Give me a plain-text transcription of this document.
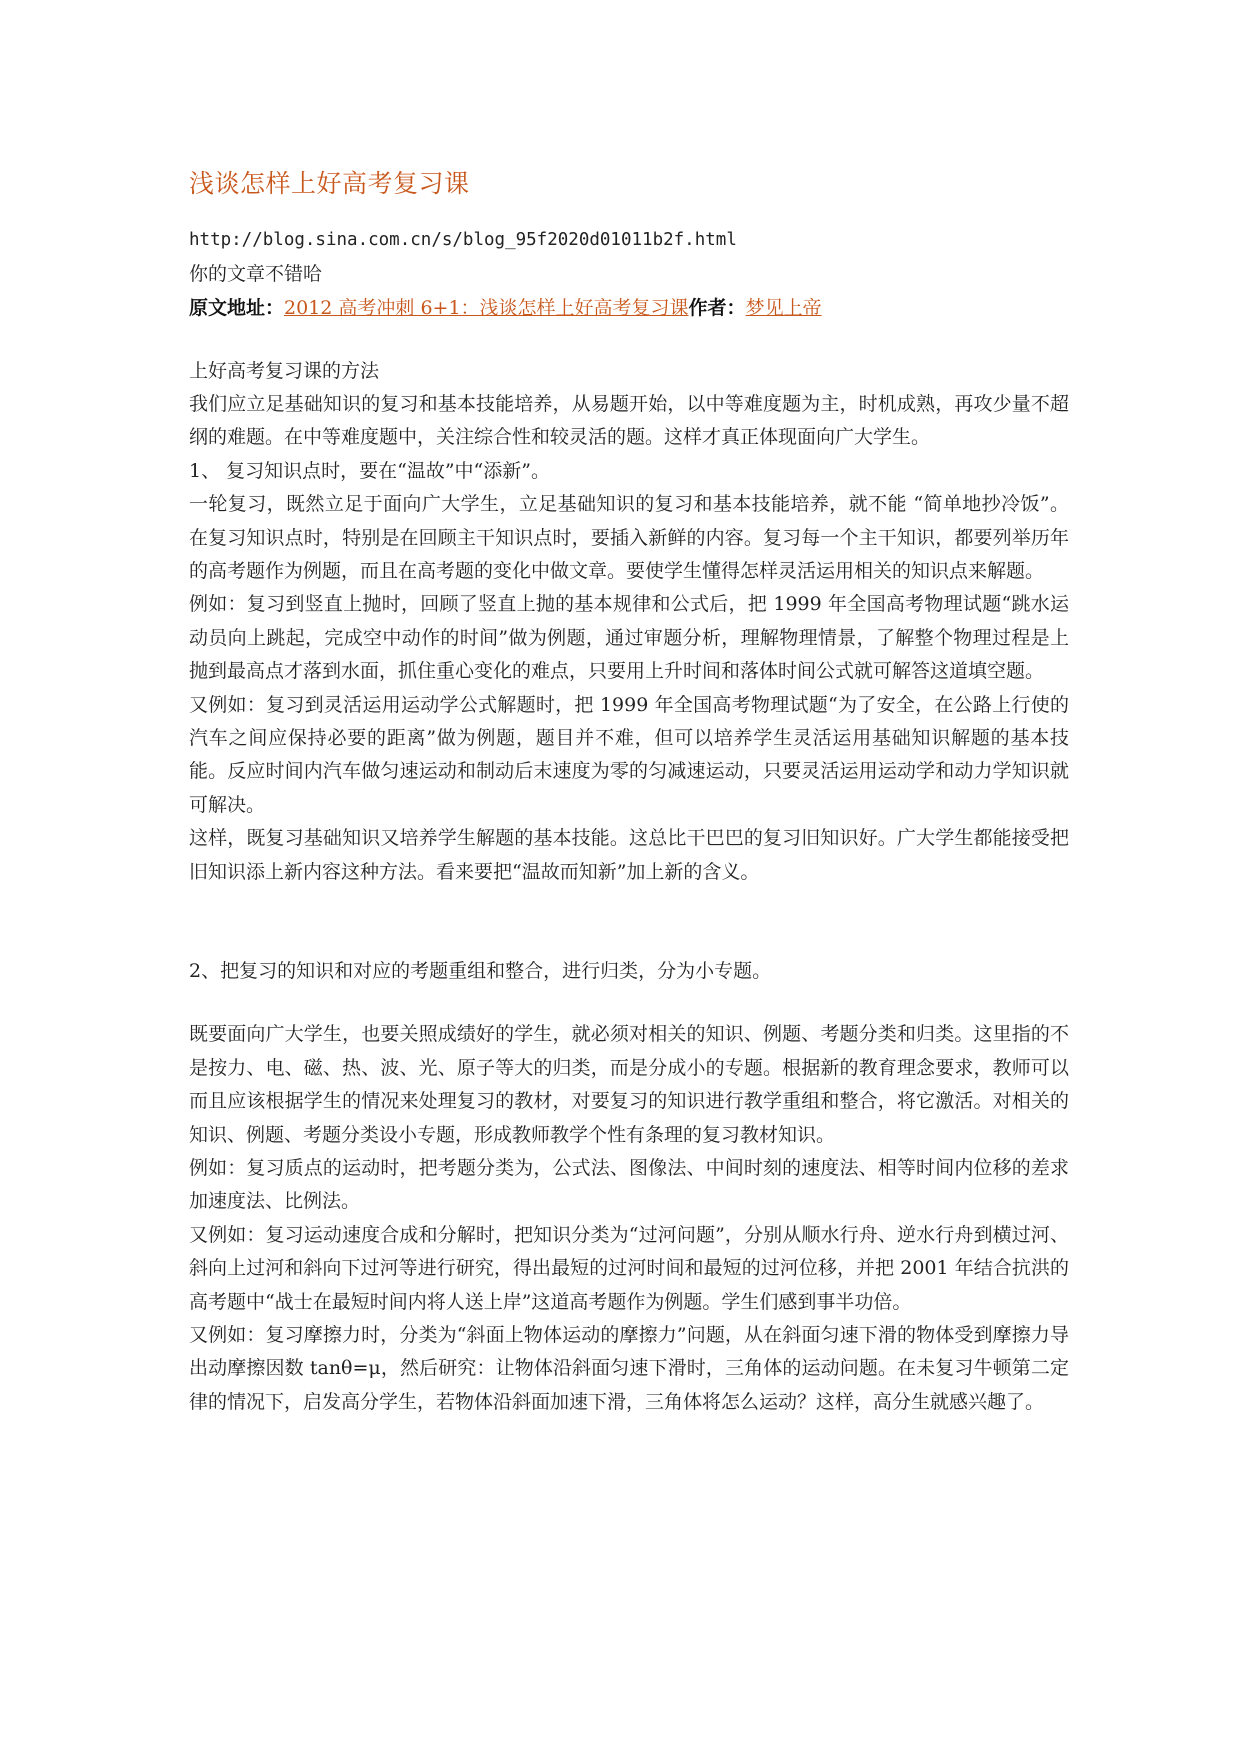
浅谈怎样上好高考复习课
http://blog.sina.com.cn/s/blog_95f2020d01011b2f.html
你的文章不错哈
原文地址：2012 高考冲刺 6+1：浅谈怎样上好高考复习课作者：梦见上帝

上好高考复习课的方法

我们应立足基础知识的复习和基本技能培养，从易题开始，以中等难度题为主，时机成熟，再攻少量不超纲的难题。在中等难度题中，关注综合性和较灵活的题。这样才真正体现面向广大学生。

1、 复习知识点时，要在“温故”中“添新”。

一轮复习，既然立足于面向广大学生，立足基础知识的复习和基本技能培养，就不能 “简单地抄冷饭”。在复习知识点时，特别是在回顾主干知识点时，要插入新鲜的内容。复习每一个主干知识，都要列举历年的高考题作为例题，而且在高考题的变化中做文章。要使学生懂得怎样灵活运用相关的知识点来解题。

例如：复习到竖直上抛时，回顾了竖直上抛的基本规律和公式后，把 1999 年全国高考物理试题“跳水运动员向上跳起，完成空中动作的时间”做为例题，通过审题分析，理解物理情景，了解整个物理过程是上抛到最高点才落到水面，抓住重心变化的难点，只要用上升时间和落体时间公式就可解答这道填空题。

又例如：复习到灵活运用运动学公式解题时，把 1999 年全国高考物理试题“为了安全，在公路上行使的汽车之间应保持必要的距离”做为例题，题目并不难，但可以培养学生灵活运用基础知识解题的基本技能。反应时间内汽车做匀速运动和制动后末速度为零的匀减速运动，只要灵活运用运动学和动力学知识就可解决。

这样，既复习基础知识又培养学生解题的基本技能。这总比干巴巴的复习旧知识好。广大学生都能接受把旧知识添上新内容这种方法。看来要把“温故而知新”加上新的含义。

2、把复习的知识和对应的考题重组和整合，进行归类，分为小专题。

既要面向广大学生，也要关照成绩好的学生，就必须对相关的知识、例题、考题分类和归类。这里指的不是按力、电、磁、热、波、光、原子等大的归类，而是分成小的专题。根据新的教育理念要求，教师可以而且应该根据学生的情况来处理复习的教材，对要复习的知识进行教学重组和整合，将它激活。对相关的知识、例题、考题分类设小专题，形成教师教学个性有条理的复习教材知识。

例如：复习质点的运动时，把考题分类为，公式法、图像法、中间时刻的速度法、相等时间内位移的差求加速度法、比例法。

又例如：复习运动速度合成和分解时，把知识分类为“过河问题”，分别从顺水行舟、逆水行舟到横过河、斜向上过河和斜向下过河等进行研究，得出最短的过河时间和最短的过河位移，并把 2001 年结合抗洪的高考题中“战士在最短时间内将人送上岸”这道高考题作为例题。学生们感到事半功倍。

又例如：复习摩擦力时，分类为“斜面上物体运动的摩擦力”问题，从在斜面匀速下滑的物体受到摩擦力导出动摩擦因数 tanθ=μ，然后研究：让物体沿斜面匀速下滑时，三角体的运动问题。在未复习牛顿第二定律的情况下，启发高分学生，若物体沿斜面加速下滑，三角体将怎么运动？这样，高分生就感兴趣了。
